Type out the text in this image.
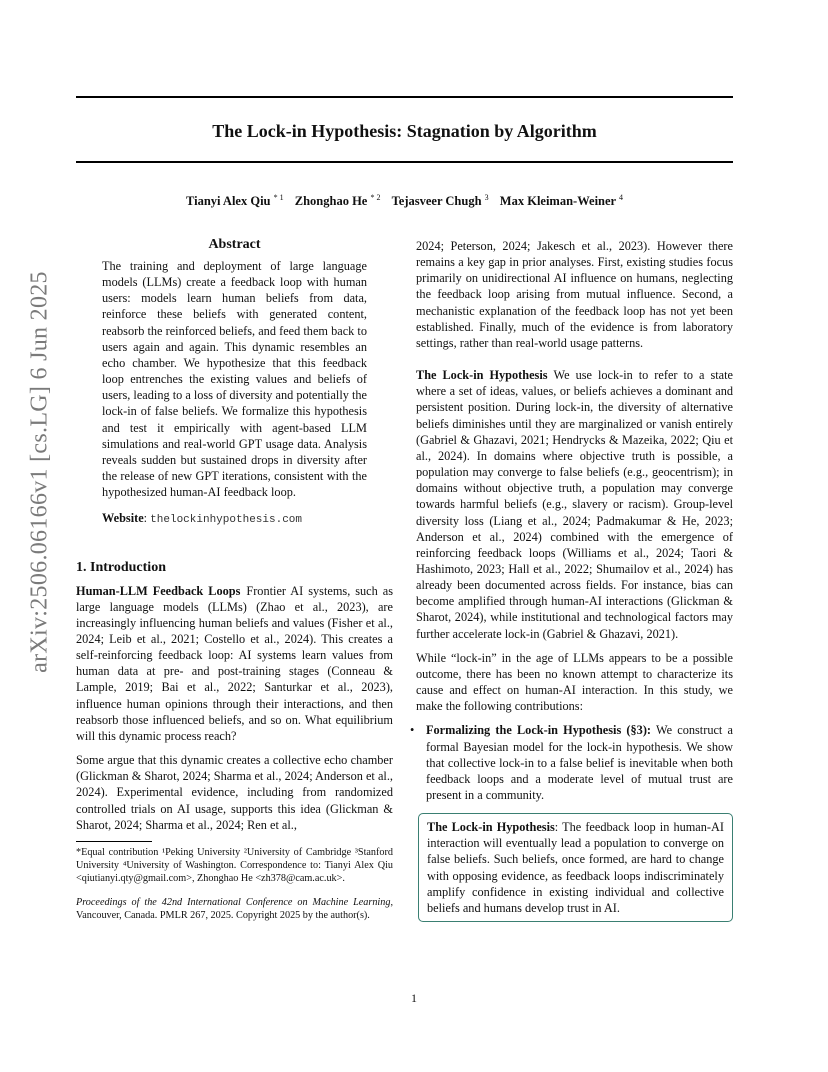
The Lock-in Hypothesis: Stagnation by Algorithm
Tianyi Alex Qiu $^{* 1}$ Zhonghao He $^{* 2}$ Tejasveer Chugh $^3$ Max Kleiman-Weiner $^4$
arXiv:2506.06166v1 [cs.LG] 6 Jun 2025
Abstract
The training and deployment of large language models (LLMs) create a feedback loop with human users: models learn human beliefs from data, reinforce these beliefs with generated content, reabsorb the reinforced beliefs, and feed them back to users again and again. This dynamic resembles an echo chamber. We hypothesize that this feedback loop entrenches the existing values and beliefs of users, leading to a loss of diversity and potentially the lock-in of false beliefs. We formalize this hypothesis and test it empirically with agent-based LLM simulations and real-world GPT usage data. Analysis reveals sudden but sustained drops in diversity after the release of new GPT iterations, consistent with the hypothesized human-AI feedback loop.
Website: thelockinhypothesis.com
1. Introduction
Human-LLM Feedback Loops Frontier AI systems, such as large language models (LLMs) (Zhao et al., 2023), are increasingly influencing human beliefs and values (Fisher et al., 2024; Leib et al., 2021; Costello et al., 2024). This creates a self-reinforcing feedback loop: AI systems learn values from human data at pre- and post-training stages (Conneau & Lample, 2019; Bai et al., 2022; Santurkar et al., 2023), influence human opinions through their interactions, and then reabsorb those influenced beliefs, and so on. What equilibrium will this dynamic process reach?
Some argue that this dynamic creates a collective echo chamber (Glickman & Sharot, 2024; Sharma et al., 2024; Anderson et al., 2024). Experimental evidence, including from randomized controlled trials on AI usage, supports this idea (Glickman & Sharot, 2024; Sharma et al., 2024; Ren et al.,
*Equal contribution ¹Peking University ²University of Cambridge ³Stanford University ⁴University of Washington. Correspondence to: Tianyi Alex Qiu <qiutianyi.qty@gmail.com>, Zhonghao He <zh378@cam.ac.uk>.
Proceedings of the 42nd International Conference on Machine Learning, Vancouver, Canada. PMLR 267, 2025. Copyright 2025 by the author(s).
2024; Peterson, 2024; Jakesch et al., 2023). However there remains a key gap in prior analyses. First, existing studies focus primarily on unidirectional AI influence on humans, neglecting the feedback loop arising from mutual influence. Second, a mechanistic explanation of the feedback loop has not yet been established. Finally, much of the evidence is from laboratory settings, rather than real-world usage patterns.
The Lock-in Hypothesis We use lock-in to refer to a state where a set of ideas, values, or beliefs achieves a dominant and persistent position. During lock-in, the diversity of alternative beliefs diminishes until they are marginalized or vanish entirely (Gabriel & Ghazavi, 2021; Hendrycks & Mazeika, 2022; Qiu et al., 2024). In domains where objective truth is possible, a population may converge to false beliefs (e.g., geocentrism); in domains without objective truth, a population may converge towards harmful beliefs (e.g., slavery or racism). Group-level diversity loss (Liang et al., 2024; Padmakumar & He, 2023; Anderson et al., 2024) combined with the emergence of reinforcing feedback loops (Williams et al., 2024; Taori & Hashimoto, 2023; Hall et al., 2022; Shumailov et al., 2024) has already been documented across fields. For instance, bias can become amplified through human-AI interactions (Glickman & Sharot, 2024), while institutional and technological factors may further accelerate lock-in (Gabriel & Ghazavi, 2021).
While “lock-in” in the age of LLMs appears to be a possible outcome, there has been no known attempt to characterize its cause and effect on human-AI interaction. In this study, we make the following contributions:
• Formalizing the Lock-in Hypothesis (§3): We construct a formal Bayesian model for the lock-in hypothesis. We show that collective lock-in to a false belief is inevitable when both feedback loops and a moderate level of mutual trust are present in a community.
The Lock-in Hypothesis: The feedback loop in human-AI interaction will eventually lead a population to converge on false beliefs. Such beliefs, once formed, are hard to change with opposing evidence, as feedback loops indiscriminately amplify confidence in existing individual and collective beliefs and humans develop trust in AI.
1
